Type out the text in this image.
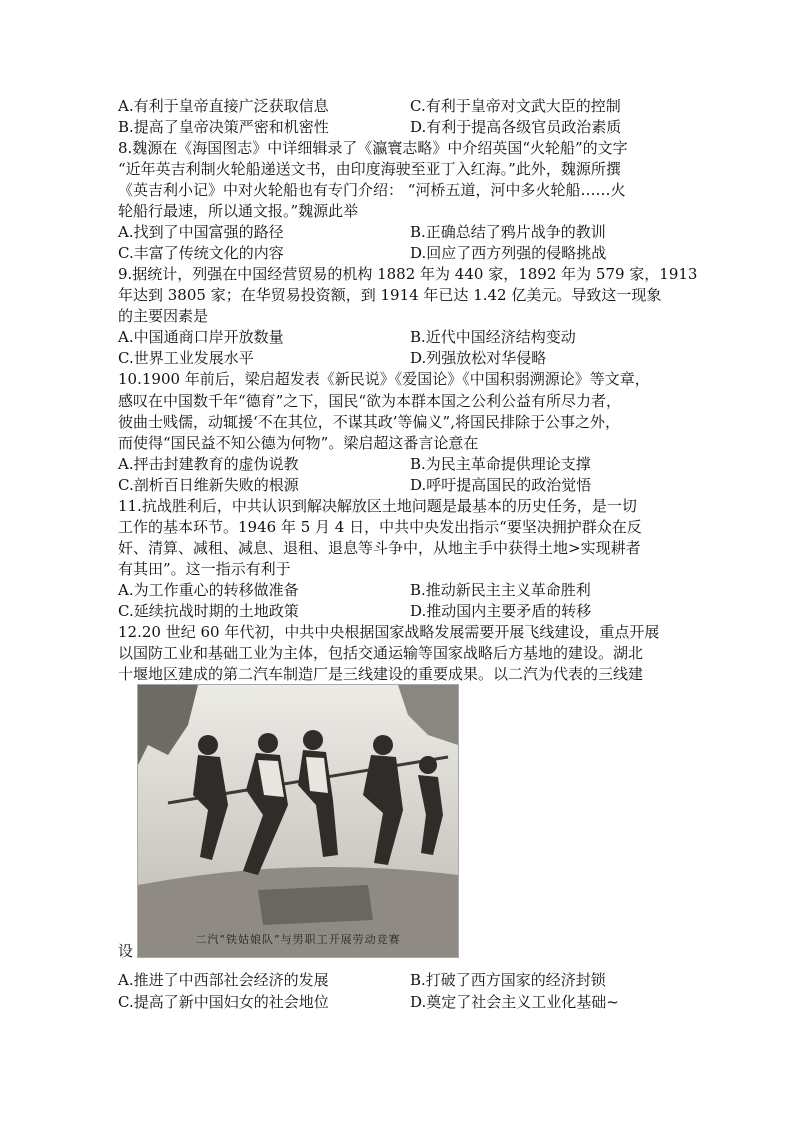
A.有利于皇帝直接广泛获取信息	C.有利于皇帝对文武大臣的控制
B.提高了皇帝决策严密和机密性	D.有利于提高各级官员政治素质
8.魏源在《海国图志》中详细辑录了《瀛寰志略》中介绍英国“火轮船”的文字
“近年英吉利制火轮船递送文书，由印度海驶至亚丁入红海。”此外，魏源所撰
《英吉利小记》中对火轮船也有专门介绍： “河桥五道，河中多火轮船……火
轮船行最速，所以通文报。”魏源此举
A.找到了中国富强的路径	B.正确总结了鸦片战争的教训
C.丰富了传统文化的内容	D.回应了西方列强的侵略挑战
9.据统计，列强在中国经营贸易的机构 1882 年为 440 家，1892 年为 579 家，1913
年达到 3805 家；在华贸易投资额，到 1914 年已达 1.42 亿美元。导致这一现象
的主要因素是
A.中国通商口岸开放数量	B.近代中国经济结构变动
C.世界工业发展水平	D.列强放松对华侵略
10.1900 年前后，梁启超发表《新民说》《爱国论》《中国积弱溯源论》等文章，
感叹在中国数千年“德育”之下，国民“欲为本群本国之公利公益有所尽力者，
彼曲士贱儒，动辄援‘不在其位，不谋其政’等偏义”,将国民排除于公事之外，
而使得“国民益不知公德为何物”。梁启超这番言论意在
A.抨击封建教育的虚伪说教	B.为民主革命提供理论支撑
C.剖析百日维新失败的根源	D.呼吁提高国民的政治觉悟
11.抗战胜利后，中共认识到解决解放区土地问题是最基本的历史任务，是一切
工作的基本环节。1946 年 5 月 4 日，中共中央发出指示“要坚决拥护群众在反
奸、清算、减租、减息、退租、退息等斗争中，从地主手中获得土地>实现耕者
有其田”。这一指示有利于
A.为工作重心的转移做准备	B.推动新民主主义革命胜利
C.延续抗战时期的土地政策	D.推动国内主要矛盾的转移
12.20 世纪 60 年代初，中共中央根据国家战略发展需要开展飞线建设，重点开展
以国防工业和基础工业为主体，包括交通运输等国家战略后方基地的建设。湖北
二汽“铁姑娘队”与男职工开展劳动竞赛
设
A.推进了中西部社会经济的发展	B.打破了西方国家的经济封锁
C.提高了新中国妇女的社会地位	D.奠定了社会主义工业化基础~
十堰地区建成的第二汽车制造厂是三线建设的重要成果。以二汽为代表的三线建
